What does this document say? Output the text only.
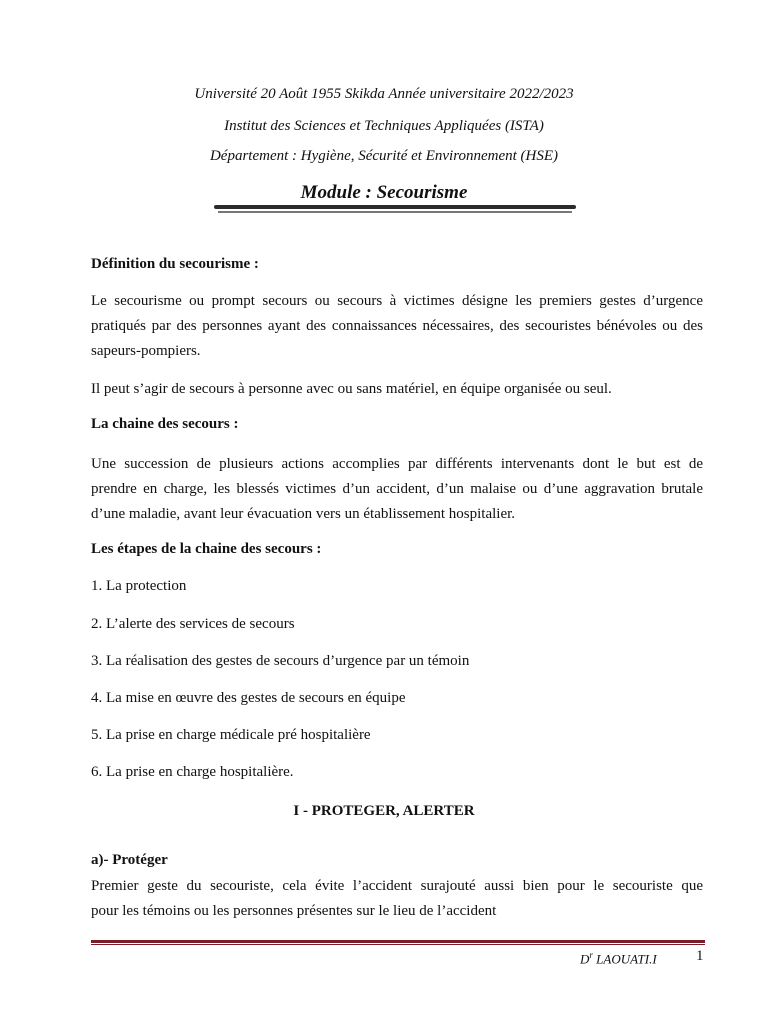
Université 20 Août 1955 Skikda Année universitaire 2022/2023
Institut des Sciences et Techniques Appliquées (ISTA)
Département : Hygiène, Sécurité et Environnement (HSE)
Module : Secourisme
Définition du secourisme :
Le secourisme ou prompt secours ou secours à victimes désigne les premiers gestes d’urgence
pratiqués par des personnes ayant des connaissances nécessaires, des secouristes bénévoles ou des
sapeurs-pompiers.
Il peut s’agir de secours à personne avec ou sans matériel, en équipe organisée ou seul.
La chaine des secours :
Une succession de plusieurs actions accomplies par différents intervenants dont le but est de
prendre en charge, les blessés victimes d’un accident, d’un malaise ou d’une aggravation brutale
d’une maladie, avant leur évacuation vers un établissement hospitalier.
Les étapes de la chaine des secours :
1. La protection
2. L’alerte des services de secours
3. La réalisation des gestes de secours d’urgence par un témoin
4. La mise en œuvre des gestes de secours en équipe
5. La prise en charge médicale pré hospitalière
6. La prise en charge hospitalière.
I - PROTEGER, ALERTER
a)- Protéger
Premier geste du secouriste, cela évite l’accident surajouté aussi bien pour le secouriste que
pour les témoins ou les personnes présentes sur le lieu de l’accident
$D^r$ LAOUATI.I	1
